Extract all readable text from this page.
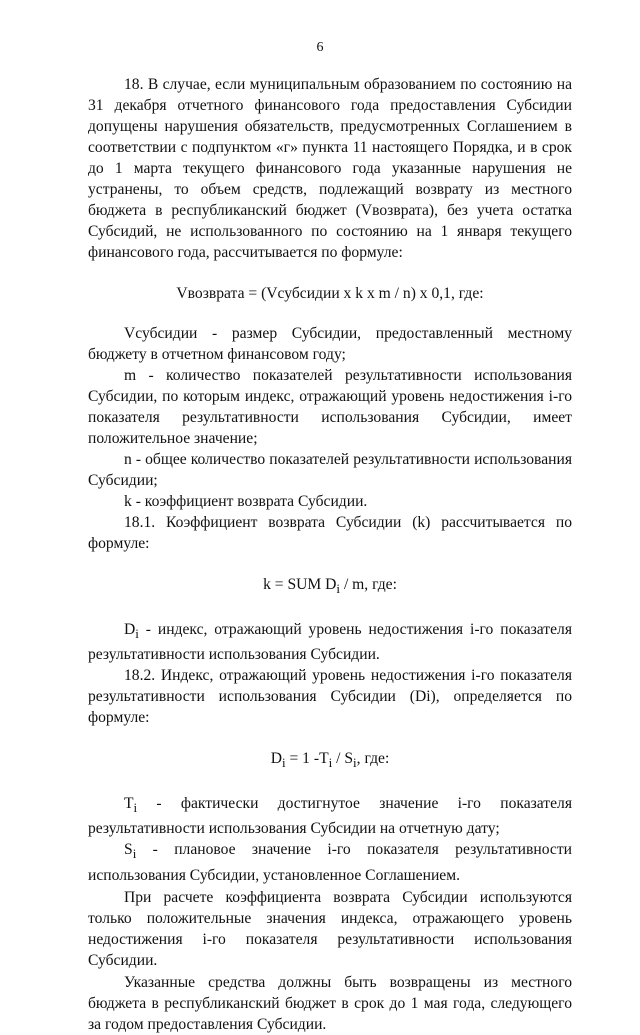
6

18. В случае, если муниципальным образованием по состоянию на 31 декабря отчетного финансового года предоставления Субсидии допущены нарушения обязательств, предусмотренных Соглашением в соответствии с подпунктом «г» пункта 11 настоящего Порядка, и в срок до 1 марта текущего финансового года указанные нарушения не устранены, то объем средств, подлежащий возврату из местного бюджета в республиканский бюджет (Vвозврата), без учета остатка Субсидий, не использованного по состоянию на 1 января текущего финансового года, рассчитывается по формуле:

Vвозврата = (Vсубсидии x k x m / n) x 0,1, где:

Vсубсидии - размер Субсидии, предоставленный местному бюджету в отчетном финансовом году;

m - количество показателей результативности использования Субсидии, по которым индекс, отражающий уровень недостижения i-го показателя результативности использования Субсидии, имеет положительное значение;

n - общее количество показателей результативности использования Субсидии;

k - коэффициент возврата Субсидии.

18.1. Коэффициент возврата Субсидии (k) рассчитывается по формуле:

k = SUM $D_i$ / m, где:

$D_i$ - индекс, отражающий уровень недостижения i-го показателя результативности использования Субсидии.

18.2. Индекс, отражающий уровень недостижения i-го показателя результативности использования Субсидии (Di), определяется по формуле:

$D_i = 1$ $-T_i / S_i$, где:

$T_i$ - фактически достигнутое значение i-го показателя результативности использования Субсидии на отчетную дату;

$S_i$ - плановое значение i-го показателя результативности использования Субсидии, установленное Соглашением.

При расчете коэффициента возврата Субсидии используются только положительные значения индекса, отражающего уровень недостижения i-го показателя результативности использования Субсидии.

Указанные средства должны быть возвращены из местного бюджета в республиканский бюджет в срок до 1 мая года, следующего за годом предоставления Субсидии.
